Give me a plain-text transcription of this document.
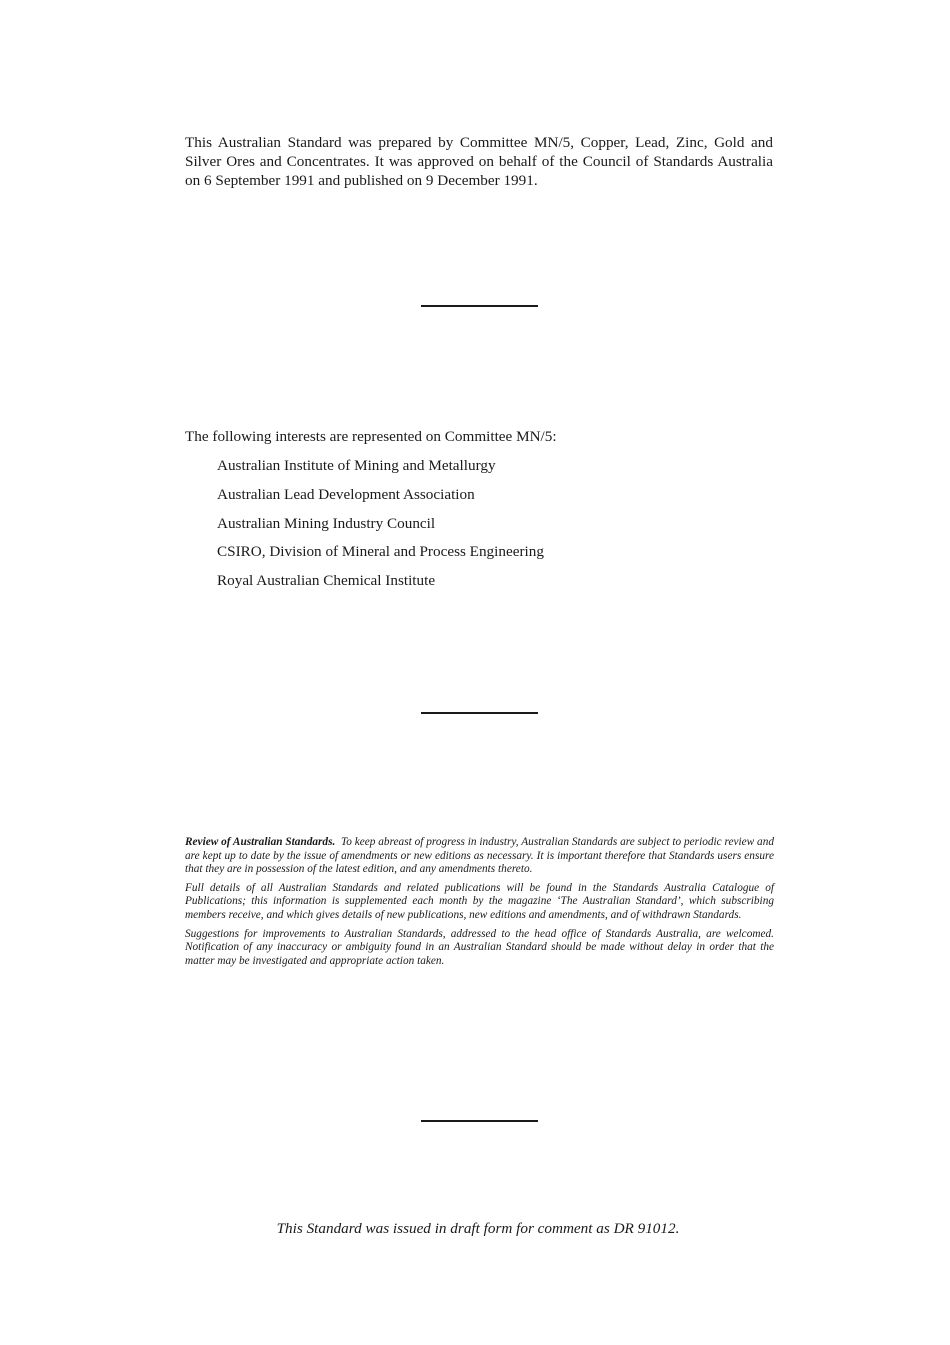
This Australian Standard was prepared by Committee MN/5, Copper, Lead, Zinc, Gold and Silver Ores and Concentrates. It was approved on behalf of the Council of Standards Australia on 6 September 1991 and published on 9 December 1991.

The following interests are represented on Committee MN/5:

Australian Institute of Mining and Metallurgy
Australian Lead Development Association
Australian Mining Industry Council
CSIRO, Division of Mineral and Process Engineering
Royal Australian Chemical Institute

Review of Australian Standards. To keep abreast of progress in industry, Australian Standards are subject to periodic review and are kept up to date by the issue of amendments or new editions as necessary. It is important therefore that Standards users ensure that they are in possession of the latest edition, and any amendments thereto.

Full details of all Australian Standards and related publications will be found in the Standards Australia Catalogue of Publications; this information is supplemented each month by the magazine ‘The Australian Standard’, which subscribing members receive, and which gives details of new publications, new editions and amendments, and of withdrawn Standards.

Suggestions for improvements to Australian Standards, addressed to the head office of Standards Australia, are welcomed. Notification of any inaccuracy or ambiguity found in an Australian Standard should be made without delay in order that the matter may be investigated and appropriate action taken.

This Standard was issued in draft form for comment as DR 91012.
